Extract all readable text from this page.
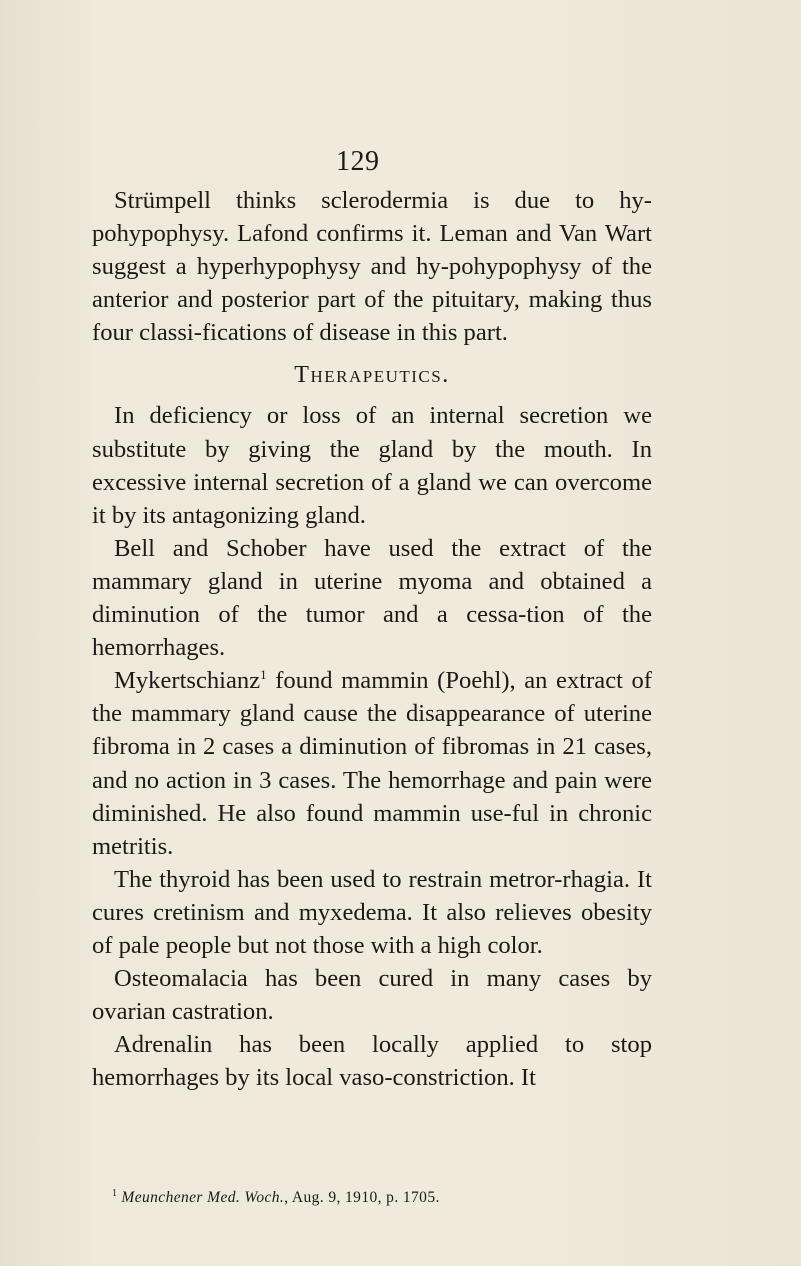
129

Strümpell thinks sclerodermia is due to hy-pohypophysy. Lafond confirms it. Leman and Van Wart suggest a hyperhypophysy and hy-pohypophysy of the anterior and posterior part of the pituitary, making thus four classi-fications of disease in this part.

Therapeutics.

In deficiency or loss of an internal secretion we substitute by giving the gland by the mouth. In excessive internal secretion of a gland we can overcome it by its antagonizing gland.

Bell and Schober have used the extract of the mammary gland in uterine myoma and obtained a diminution of the tumor and a cessa-tion of the hemorrhages.

Mykertschianz$^1$ found mammin (Poehl), an extract of the mammary gland cause the disappearance of uterine fibroma in 2 cases a diminution of fibromas in 21 cases, and no action in 3 cases. The hemorrhage and pain were diminished. He also found mammin use-ful in chronic metritis.

The thyroid has been used to restrain metror-rhagia. It cures cretinism and myxedema. It also relieves obesity of pale people but not those with a high color.

Osteomalacia has been cured in many cases by ovarian castration.

Adrenalin has been locally applied to stop hemorrhages by its local vaso-constriction. It

$^1$ Meunchener Med. Woch., Aug. 9, 1910, p. 1705.
